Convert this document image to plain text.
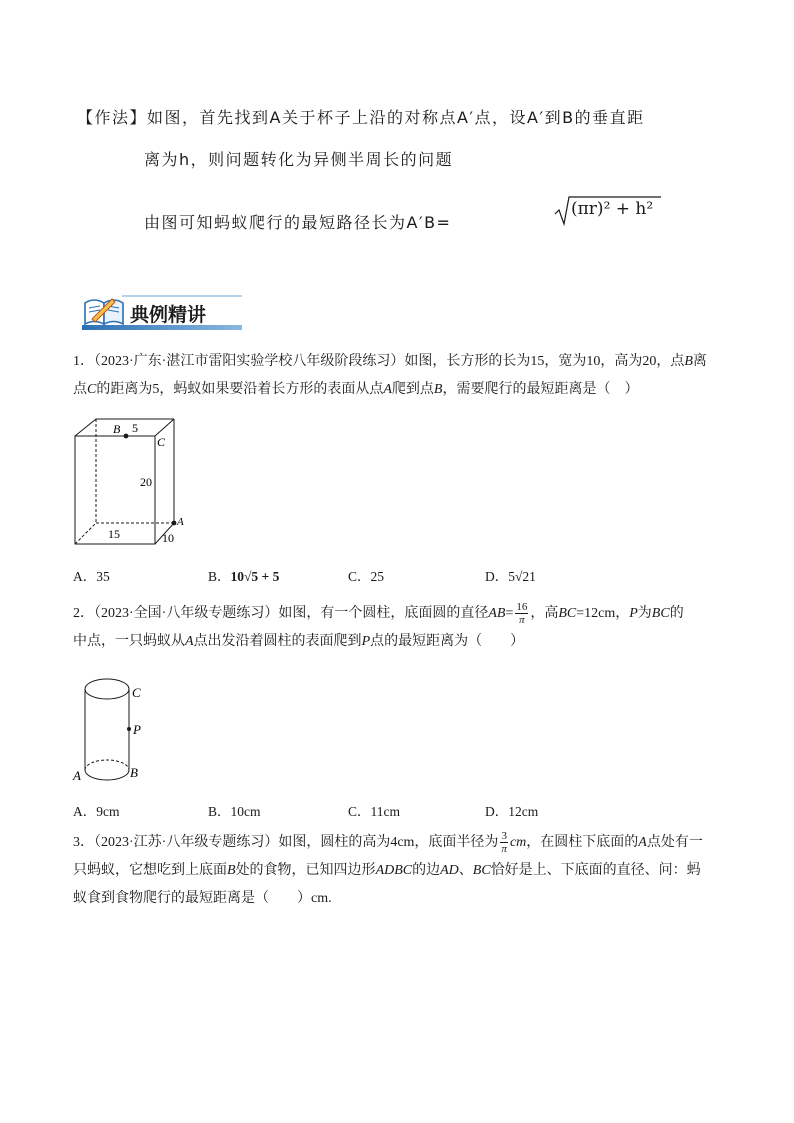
【作法】如图，首先找到A关于杯子上沿的对称点A′点，设A′到B的垂直距
离为h，则问题转化为异侧半周长的问题
由图可知蚂蚁爬行的最短路径长为A′B=
(πr)² + h²
典例精讲
1．（2023·广东·湛江市雷阳实验学校八年级阶段练习）如图，长方形的长为15，宽为10，高为20，点B离
点C的距离为5，蚂蚁如果要沿着长方形的表面从点A爬到点B，需要爬行的最短距离是（　）
B 5
C
20
A
15	10
A．35	B．10√5 + 5	C．25	D．5√21
2．（2023·全国·八年级专题练习）如图，有一个圆柱，底面圆的直径$AB= \frac{16}{\pi}$ ，高BC=12cm，P为BC的
中点，一只蚂蚁从A点出发沿着圆柱的表面爬到P点的最短距离为（　　）
C
P
A	B
A．9cm	B．10cm	C．11cm	D．12cm
3．（2023·江苏·八年级专题练习）如图，圆柱的高为4cm，底面半径为 $\frac{3}{\pi}$ cm，在圆柱下底面的A点处有一
只蚂蚁，它想吃到上底面B处的食物，已知四边形ADBC的边AD、BC恰好是上、下底面的直径、问：蚂
蚁食到食物爬行的最短距离是（　　）cm.
